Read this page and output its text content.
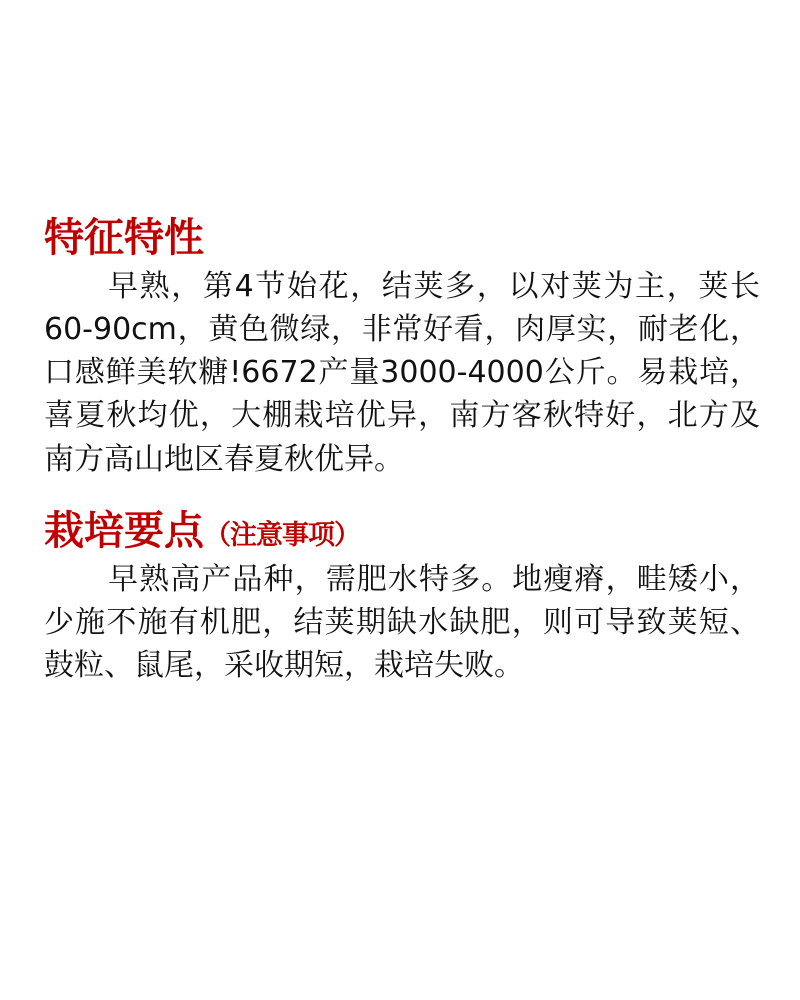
特征特性

早熟，第4节始花，结荚多，以对荚为主，荚长60-90cm，黄色微绿，非常好看，肉厚实，耐老化，口感鲜美软糖!6672产量3000-4000公斤。易栽培，喜夏秋均优，大棚栽培优异，南方客秋特好，北方及南方高山地区春夏秋优异。

栽培要点（注意事项）

早熟高产品种，需肥水特多。地瘦瘠，畦矮小，少施不施有机肥，结荚期缺水缺肥，则可导致荚短、鼓粒、鼠尾，采收期短，栽培失败。
